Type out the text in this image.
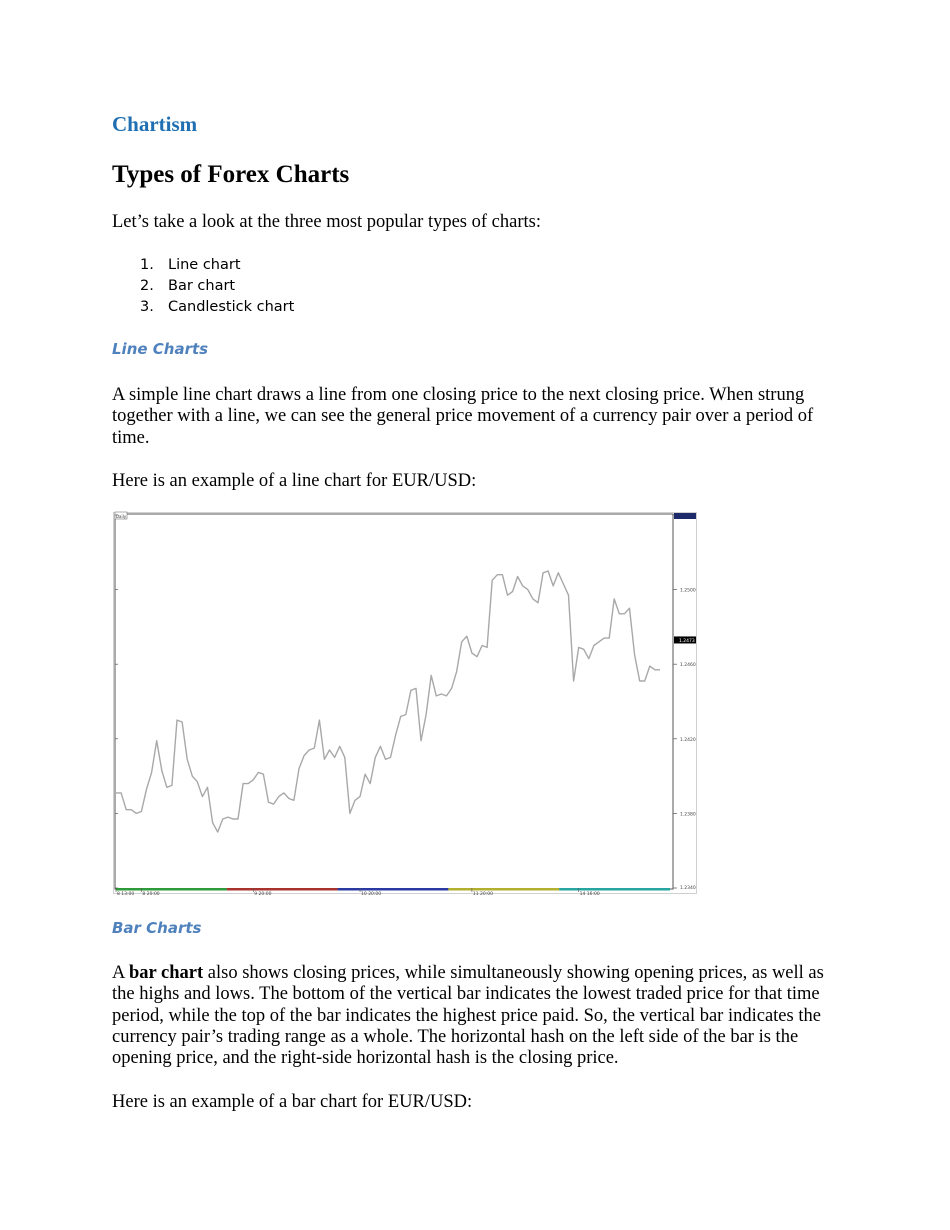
Chartism
Types of Forex Charts

Let’s take a look at the three most popular types of charts:

1. Line chart
2. Bar chart
3. Candlestick chart
Line Charts

A simple line chart draws a line from one closing price to the next closing price. When strung together with a line, we can see the general price movement of a currency pair over a period of time.

Here is an example of a line chart for EUR/USD:

Bar Charts

A bar chart also shows closing prices, while simultaneously showing opening prices, as well as the highs and lows. The bottom of the vertical bar indicates the lowest traded price for that time period, while the top of the bar indicates the highest price paid. So, the vertical bar indicates the currency pair’s trading range as a whole. The horizontal hash on the left side of the bar is the opening price, and the right-side horizontal hash is the closing price.

Here is an example of a bar chart for EUR/USD:

Daily
1.2340
1.2380
1.2420
1.2460
1.2500
1.2473
8 13:00 8 20:00	9 20:00	10 20:00	11 20:00	14 16:00
